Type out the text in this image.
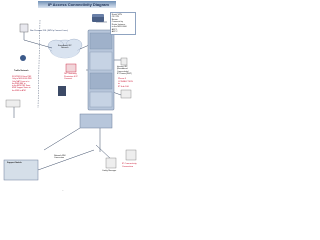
IP Access Connectivity Diagram
Nortel VPN
CE / PE
Bearer
Connects by
Route Instance
to the MSS 4000
AFP 1
AFP 2
Non Premium DSL (IWN Ip Connect Lines)
Broadband ISP
Network
ISP Gateway
Provision & IP
Connect
Internet ISP
(Broadband
Connectivity)
IP Phones(VoIP)
Phase 6
CONNECTION
to
IP Sub 100
Traffic Network
ROUTER B Voice PBX
Only to MSS 4000 PBX
Only NAT From or to
the MSS NAT to
to the ATM PBX From
MSS Support Voice to
the MSS to ATM
Support Switch
Network-NNI
Connection
Config Manager
IP Connectivity
Connection
...
